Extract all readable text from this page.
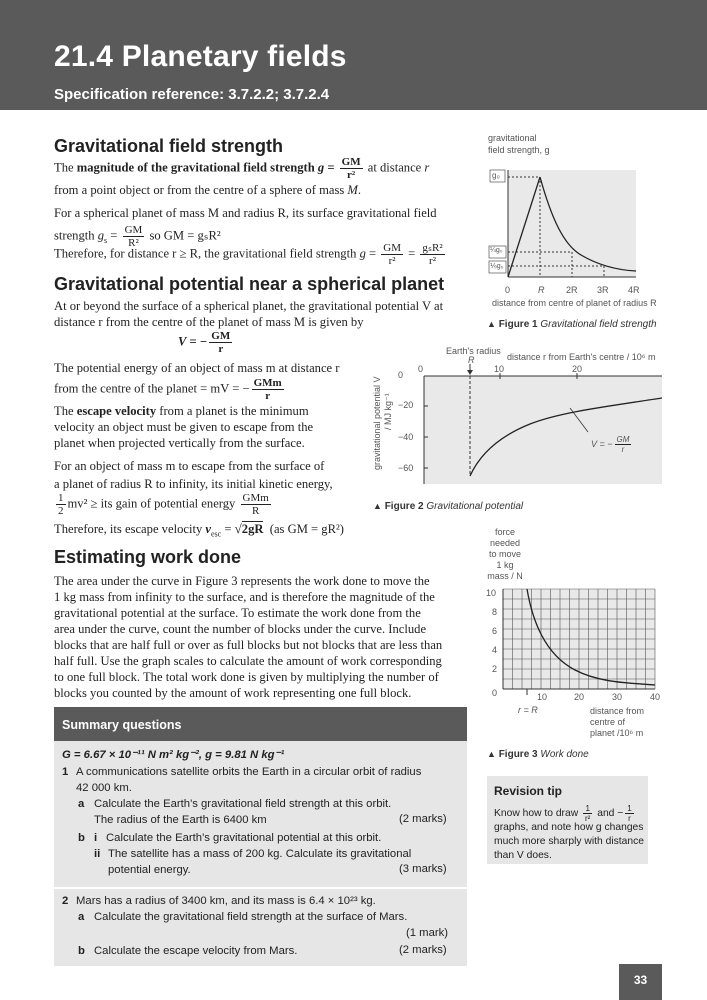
21.4 Planetary fields
Specification reference: 3.7.2.2; 3.7.2.4
Gravitational field strength
The magnitude of the gravitational field strength $g = \frac{GM}{\text{r²}}$ at distance r
from a point object or from the centre of a sphere of mass M.
For a spherical planet of mass M and radius R, its surface gravitational field
strength $g_s = \frac{GM}{\text{R²}}$ so GM = gₛR²
Therefore, for distance r ≥ R, the gravitational field strength $g = \frac{GM}{\text{r²}} = \frac{\text{gₛR²}}{\text{r²}}$
Gravitational potential near a spherical planet
At or beyond the surface of a spherical planet, the gravitational potential V at
distance r from the centre of the planet of mass M is given by
V = − $\frac{GM}{r}$
The potential energy of an object of mass m at distance r
from the centre of the planet = mV = − $\frac{\text{GMm}}{r}$
The escape velocity from a planet is the minimum
velocity an object must be given to escape from the
planet when projected vertically from the surface.
For an object of mass m to escape from the surface of
a planet of radius R to infinity, its initial kinetic energy,
$\frac{1}{2} mv^2$ ≥ its gain of potential energy $\frac{\text{GMm}}{R}$
Therefore, its escape velocity $v_{esc} = √2gR$ (as GM = gR²)
Estimating work done
The area under the curve in Figure 3 represents the work done to move the
1 kg mass from infinity to the surface, and is therefore the magnitude of the
gravitational potential at the surface. To estimate the work done from the
area under the curve, count the number of blocks under the curve. Include
blocks that are half full or over as full blocks but not blocks that are less than
half full. Use the graph scales to calculate the amount of work corresponding
to one full block. The total work done is given by multiplying the number of
blocks you counted by the amount of work representing one full block.
gravitational
field strength, g
g₀
¼g₀
⅑g₀
0	R 2R 3R 4R
distance from centre of planet of radius R
▲ Figure 1 Gravitational field strength
Earth's radius
R	distance r from Earth's centre / 10⁶ m
0	10	20
0
−20
−40
−60
gravitational potential V / MJ kg⁻¹
V = − $\frac{GM}{r}$
▲ Figure 2 Gravitational potential
force
needed
to move
1 kg
mass / N
10
8
6
4
2
0	10	20	30	40
r = R	distance from
centre of
planet /10⁶ m
▲ Figure 3 Work done
Summary questions
G = 6.67 × 10⁻¹¹ N m² kg⁻², g = 9.81 N kg⁻¹
1 A communications satellite orbits the Earth in a circular orbit of radius
42 000 km.
a Calculate the Earth's gravitational field strength at this orbit.
The radius of the Earth is 6400 km	(2 marks)
b i Calculate the Earth's gravitational potential at this orbit.
ii The satellite has a mass of 200 kg. Calculate its gravitational
potential energy.	(3 marks)
2 Mars has a radius of 3400 km, and its mass is 6.4 × 10²³ kg.
a Calculate the gravitational field strength at the surface of Mars.
(1 mark)
b Calculate the escape velocity from Mars.	(2 marks)
Revision tip
Know how to draw $\frac{1}{\text{r²}}$ and − $\frac{1}{r}$
graphs, and note how g changes
much more sharply with distance
than V does.
33
